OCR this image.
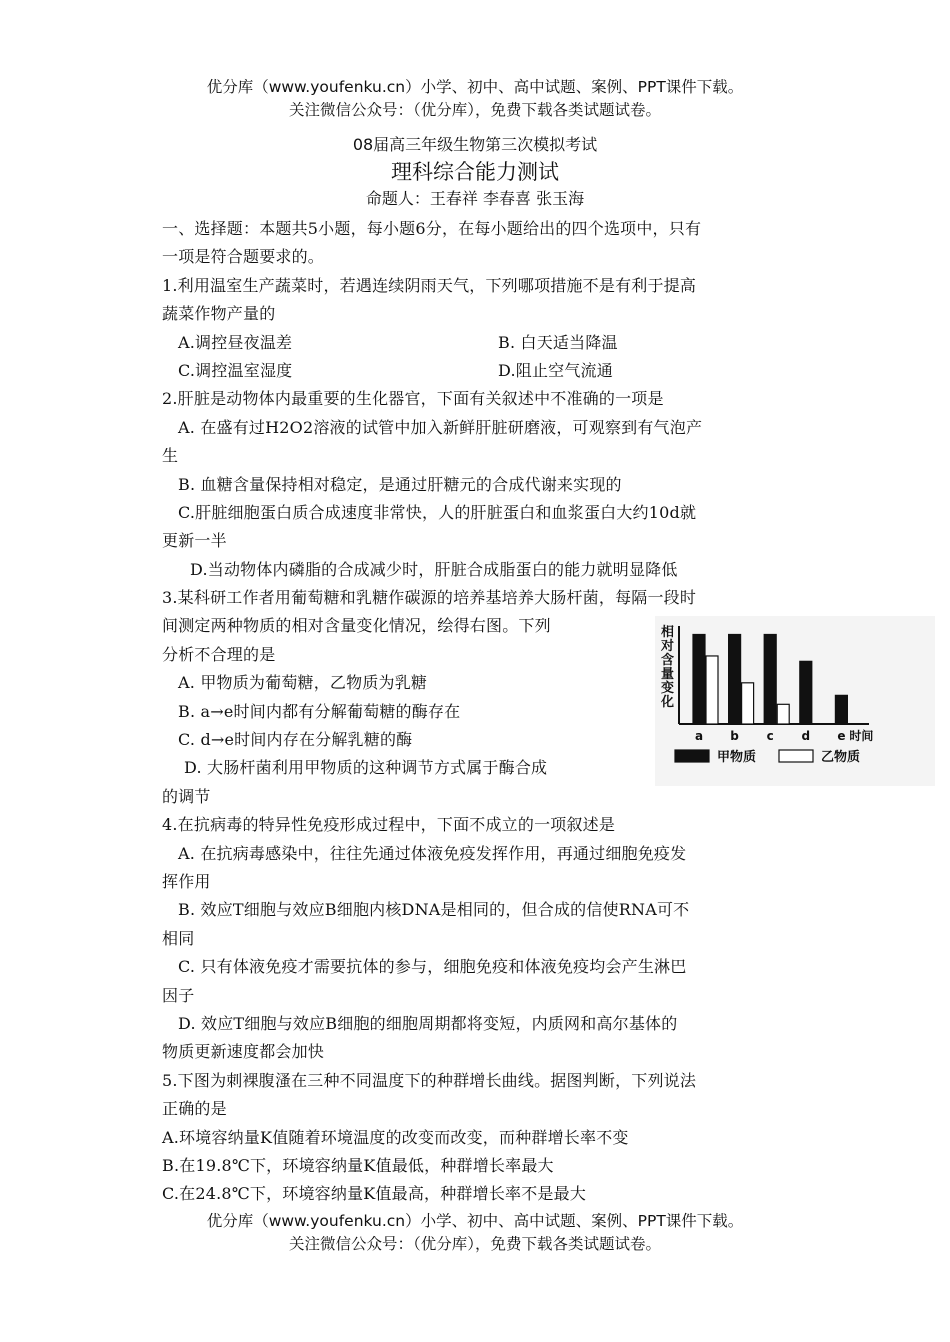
优分库（www.youfenku.cn）小学、初中、高中试题、案例、PPT课件下载。
关注微信公众号：（优分库），免费下载各类试题试卷。
08届高三年级生物第三次模拟考试
理科综合能力测试
命题人：王春祥 李春喜 张玉海
一、选择题：本题共5小题，每小题6分，在每小题给出的四个选项中，只有
一项是符合题要求的。
1.利用温室生产蔬菜时，若遇连续阴雨天气，下列哪项措施不是有利于提高
蔬菜作物产量的
A.调控昼夜温差	B. 白天适当降温
C.调控温室湿度	D.阻止空气流通
2.肝脏是动物体内最重要的生化器官，下面有关叙述中不准确的一项是
A. 在盛有过H2O2溶液的试管中加入新鲜肝脏研磨液，可观察到有气泡产
生
B. 血糖含量保持相对稳定，是通过肝糖元的合成代谢来实现的
C.肝脏细胞蛋白质合成速度非常快，人的肝脏蛋白和血浆蛋白大约10d就
更新一半
D.当动物体内磷脂的合成减少时，肝脏合成脂蛋白的能力就明显降低
3.某科研工作者用葡萄糖和乳糖作碳源的培养基培养大肠杆菌，每隔一段时
间测定两种物质的相对含量变化情况，绘得右图。下列
分析不合理的是
A. 甲物质为葡萄糖，乙物质为乳糖
B. a→e时间内都有分解葡萄糖的酶存在
C. d→e时间内存在分解乳糖的酶
D. 大肠杆菌利用甲物质的这种调节方式属于酶合成
的调节
4.在抗病毒的特异性免疫形成过程中，下面不成立的一项叙述是
A. 在抗病毒感染中，往往先通过体液免疫发挥作用，再通过细胞免疫发
挥作用
B. 效应T细胞与效应B细胞内核DNA是相同的，但合成的信使RNA可不
相同
C. 只有体液免疫才需要抗体的参与，细胞免疫和体液免疫均会产生淋巴
因子
D. 效应T细胞与效应B细胞的细胞周期都将变短，内质网和高尔基体的
物质更新速度都会加快
5.下图为刺裸腹溞在三种不同温度下的种群增长曲线。据图判断，下列说法
正确的是
A.环境容纳量K值随着环境温度的改变而改变，而种群增长率不变
B.在19.8℃下，环境容纳量K值最低，种群增长率最大
C.在24.8℃下，环境容纳量K值最高，种群增长率不是最大
相对含量变化
a b c d e 时间
甲物质	乙物质
优分库（www.youfenku.cn）小学、初中、高中试题、案例、PPT课件下载。
关注微信公众号：（优分库），免费下载各类试题试卷。
